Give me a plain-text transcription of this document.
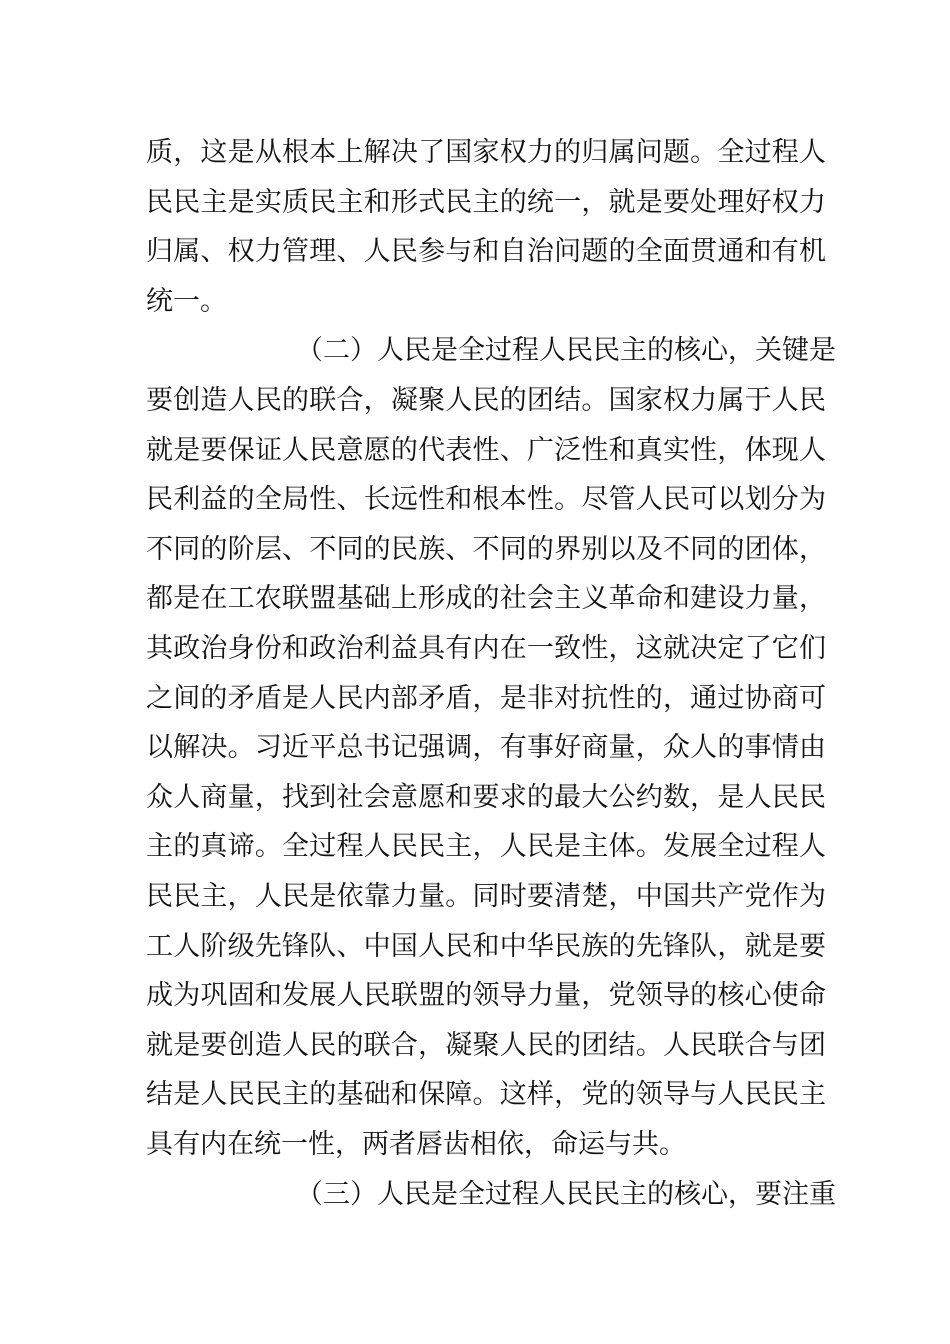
质，这是从根本上解决了国家权力的归属问题。全过程人
民民主是实质民主和形式民主的统一，就是要处理好权力
归属、权力管理、人民参与和自治问题的全面贯通和有机
统一。
（二）人民是全过程人民民主的核心，关键是
要创造人民的联合，凝聚人民的团结。国家权力属于人民
就是要保证人民意愿的代表性、广泛性和真实性，体现人
民利益的全局性、长远性和根本性。尽管人民可以划分为
不同的阶层、不同的民族、不同的界别以及不同的团体，
都是在工农联盟基础上形成的社会主义革命和建设力量，
其政治身份和政治利益具有内在一致性，这就决定了它们
之间的矛盾是人民内部矛盾，是非对抗性的，通过协商可
以解决。习近平总书记强调，有事好商量，众人的事情由
众人商量，找到社会意愿和要求的最大公约数，是人民民
主的真谛。全过程人民民主，人民是主体。发展全过程人
民民主，人民是依靠力量。同时要清楚，中国共产党作为
工人阶级先锋队、中国人民和中华民族的先锋队，就是要
成为巩固和发展人民联盟的领导力量，党领导的核心使命
就是要创造人民的联合，凝聚人民的团结。人民联合与团
结是人民民主的基础和保障。这样，党的领导与人民民主
具有内在统一性，两者唇齿相依，命运与共。
（三）人民是全过程人民民主的核心，要注重
